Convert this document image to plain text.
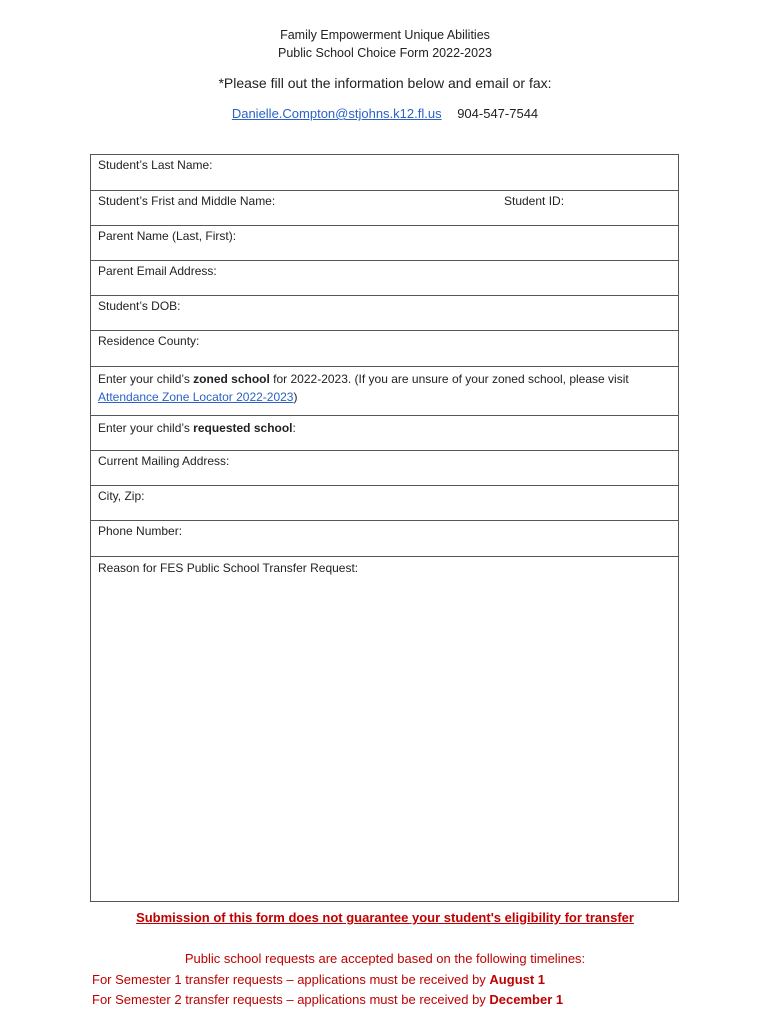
Family Empowerment Unique Abilities
Public School Choice Form 2022-2023
*Please fill out the information below and email or fax:
Danielle.Compton@stjohns.k12.fl.us 904-547-7544
Student’s Last Name:
Student’s Frist and Middle Name:	Student ID:
Parent Name (Last, First):
Parent Email Address:
Student’s DOB:
Residence County:
Enter your child’s zoned school for 2022-2023. (If you are unsure of your zoned school, please visit Attendance Zone Locator 2022-2023)
Enter your child’s requested school:
Current Mailing Address:
City, Zip:
Phone Number:
Reason for FES Public School Transfer Request:
Submission of this form does not guarantee your student's eligibility for transfer
Public school requests are accepted based on the following timelines:
For Semester 1 transfer requests – applications must be received by August 1
For Semester 2 transfer requests – applications must be received by December 1
